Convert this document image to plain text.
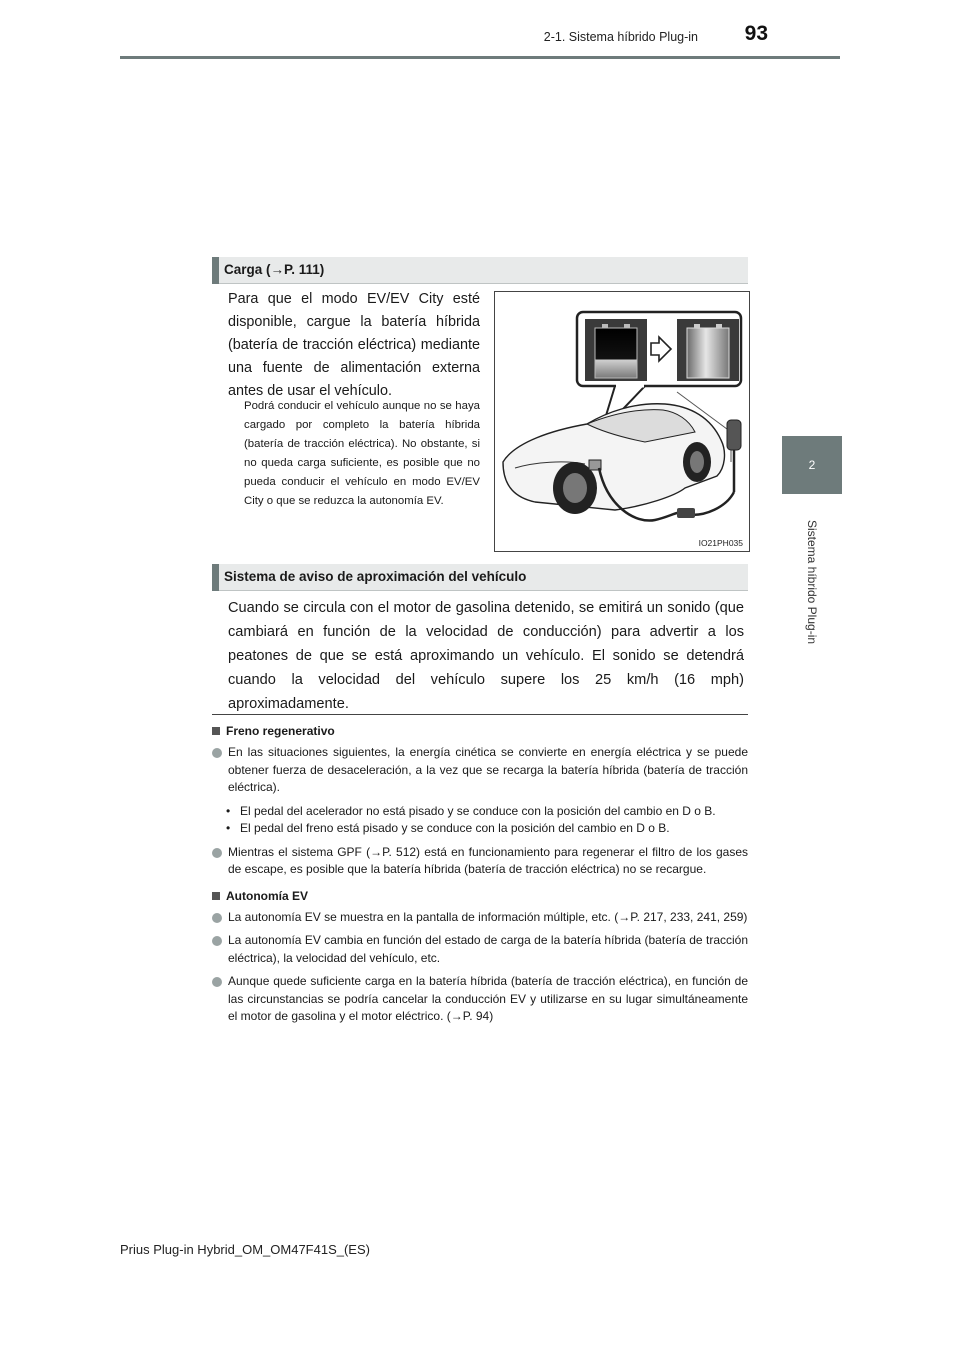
2-1. Sistema híbrido Plug-in	93
2
Sistema híbrido Plug-in
Carga (→P. 111)
Para que el modo EV/EV City esté disponible, cargue la batería híbrida (batería de tracción eléctrica) mediante una fuente de alimentación externa antes de usar el vehículo.
Podrá conducir el vehículo aunque no se haya cargado por completo la batería híbrida (batería de tracción eléctrica). No obstante, si no queda carga suficiente, es posible que no pueda conducir el vehículo en modo EV/EV City o que se reduzca la autonomía EV.
IO21PH035
Sistema de aviso de aproximación del vehículo
Cuando se circula con el motor de gasolina detenido, se emitirá un sonido (que cambiará en función de la velocidad de conducción) para advertir a los peatones de que se está aproximando un vehículo. El sonido se detendrá cuando la velocidad del vehículo supere los 25 km/h (16 mph) aproximadamente.
Freno regenerativo
En las situaciones siguientes, la energía cinética se convierte en energía eléctrica y se puede obtener fuerza de desaceleración, a la vez que se recarga la batería híbrida (batería de tracción eléctrica).
• El pedal del acelerador no está pisado y se conduce con la posición del cambio en D o B.
• El pedal del freno está pisado y se conduce con la posición del cambio en D o B.
Mientras el sistema GPF (→P. 512) está en funcionamiento para regenerar el filtro de los gases de escape, es posible que la batería híbrida (batería de tracción eléctrica) no se recargue.
Autonomía EV
La autonomía EV se muestra en la pantalla de información múltiple, etc. (→P. 217, 233, 241, 259)
La autonomía EV cambia en función del estado de carga de la batería híbrida (batería de tracción eléctrica), la velocidad del vehículo, etc.
Aunque quede suficiente carga en la batería híbrida (batería de tracción eléctrica), en función de las circunstancias se podría cancelar la conducción EV y utilizarse en su lugar simultáneamente el motor de gasolina y el motor eléctrico. (→P. 94)
Prius Plug-in Hybrid_OM_OM47F41S_(ES)
